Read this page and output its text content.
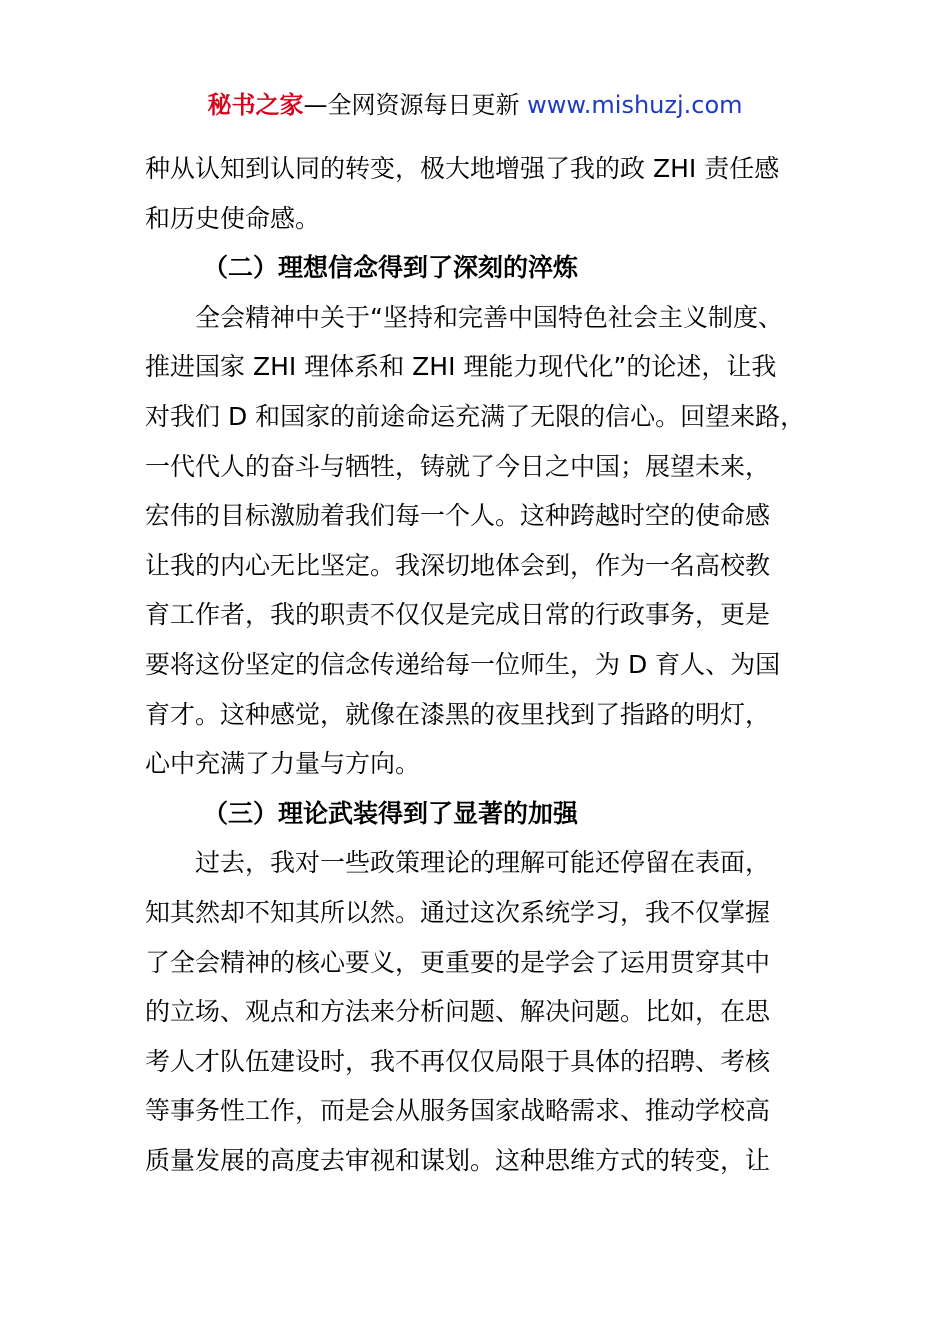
秘书之家—全网资源每日更新 www.mishuzj.com
种从认知到认同的转变，极大地增强了我的政 ZHI 责任感
和历史使命感。
（二）理想信念得到了深刻的淬炼
全会精神中关于“坚持和完善中国特色社会主义制度、
推进国家 ZHI 理体系和 ZHI 理能力现代化”的论述，让我
对我们 D 和国家的前途命运充满了无限的信心。回望来路，
一代代人的奋斗与牺牲，铸就了今日之中国；展望未来，
宏伟的目标激励着我们每一个人。这种跨越时空的使命感
让我的内心无比坚定。我深切地体会到，作为一名高校教
育工作者，我的职责不仅仅是完成日常的行政事务，更是
要将这份坚定的信念传递给每一位师生，为 D 育人、为国
育才。这种感觉，就像在漆黑的夜里找到了指路的明灯，
心中充满了力量与方向。
（三）理论武装得到了显著的加强
过去，我对一些政策理论的理解可能还停留在表面，
知其然却不知其所以然。通过这次系统学习，我不仅掌握
了全会精神的核心要义，更重要的是学会了运用贯穿其中
的立场、观点和方法来分析问题、解决问题。比如，在思
考人才队伍建设时，我不再仅仅局限于具体的招聘、考核
等事务性工作，而是会从服务国家战略需求、推动学校高
质量发展的高度去审视和谋划。这种思维方式的转变，让
